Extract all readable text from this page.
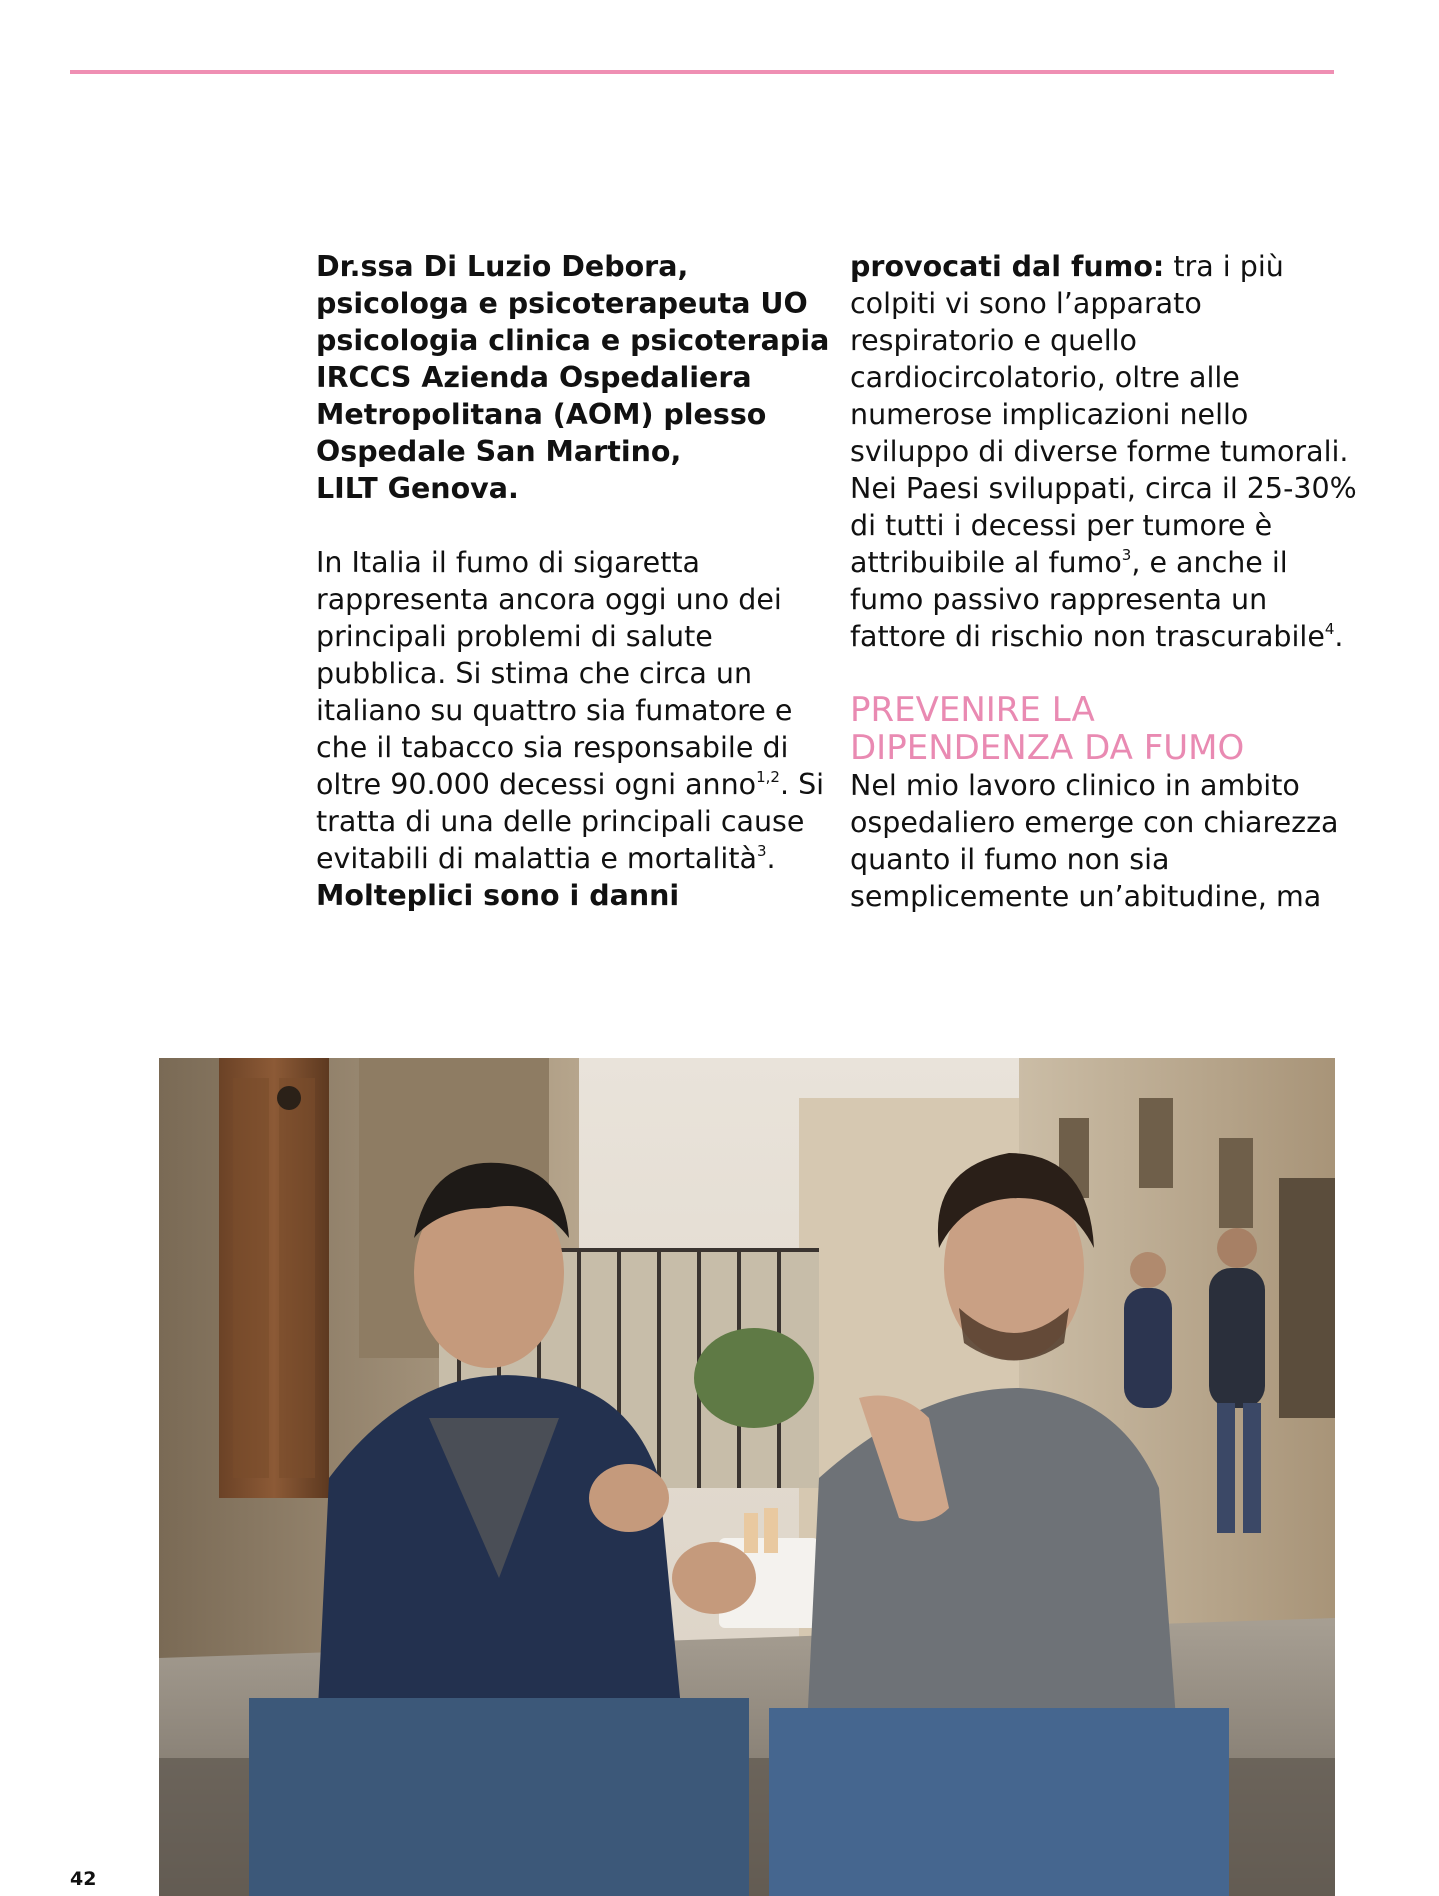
Dr.ssa Di Luzio Debora,
psicologa e psicoterapeuta UO
psicologia clinica e psicoterapia
IRCCS Azienda Ospedaliera
Metropolitana (AOM) plesso
Ospedale San Martino,
LILT Genova.

In Italia il fumo di sigaretta rappresenta ancora oggi uno dei principali problemi di salute pubblica. Si stima che circa un italiano su quattro sia fumatore e che il tabacco sia responsabile di oltre 90.000 decessi ogni anno$^{1,2}$. Si tratta di una delle principali cause evitabili di malattia e mortalità$^3$. Molteplici sono i danni

provocati dal fumo: tra i più colpiti vi sono l’apparato respiratorio e quello cardiocircolatorio, oltre alle numerose implicazioni nello sviluppo di diverse forme tumorali. Nei Paesi sviluppati, circa il 25-30% di tutti i decessi per tumore è attribuibile al fumo$^3$, e anche il fumo passivo rappresenta un fattore di rischio non trascurabile$^4$.

PREVENIRE LA
DIPENDENZA DA FUMO

Nel mio lavoro clinico in ambito ospedaliero emerge con chiarezza quanto il fumo non sia semplicemente un’abitudine, ma

42
